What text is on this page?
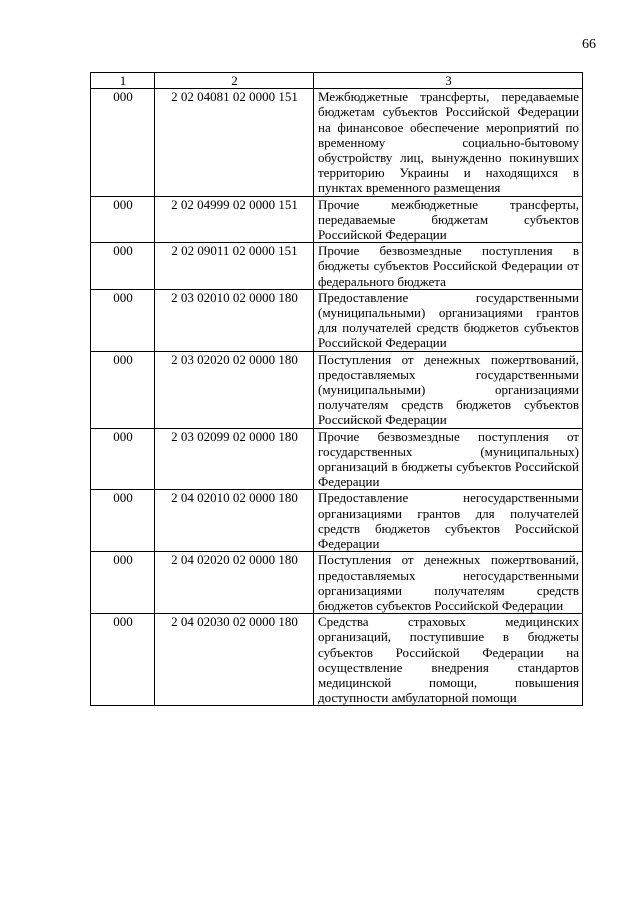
66
1	2	3
000	2 02 04081 02 0000 151	Межбюджетные трансферты, передаваемые бюджетам субъектов Российской Федерации на финансовое обеспечение мероприятий по временному социально-бытовому обустройству лиц, вынужденно покинувших территорию Украины и находящихся в пунктах временного размещения
000	2 02 04999 02 0000 151	Прочие межбюджетные трансферты, передаваемые бюджетам субъектов Российской Федерации
000	2 02 09011 02 0000 151	Прочие безвозмездные поступления в бюджеты субъектов Российской Федерации от федерального бюджета
000	2 03 02010 02 0000 180	Предоставление государственными (муниципальными) организациями грантов для получателей средств бюджетов субъектов Российской Федерации
000	2 03 02020 02 0000 180	Поступления от денежных пожертвований, предоставляемых государственными (муниципальными) организациями получателям средств бюджетов субъектов Российской Федерации
000	2 03 02099 02 0000 180	Прочие безвозмездные поступления от государственных (муниципальных) организаций в бюджеты субъектов Российской Федерации
000	2 04 02010 02 0000 180	Предоставление негосударственными организациями грантов для получателей средств бюджетов субъектов Российской Федерации
000	2 04 02020 02 0000 180	Поступления от денежных пожертвований, предоставляемых негосударственными организациями получателям средств бюджетов субъектов Российской Федерации
000	2 04 02030 02 0000 180	Средства страховых медицинских организаций, поступившие в бюджеты субъектов Российской Федерации на осуществление внедрения стандартов медицинской помощи, повышения доступности амбулаторной помощи
